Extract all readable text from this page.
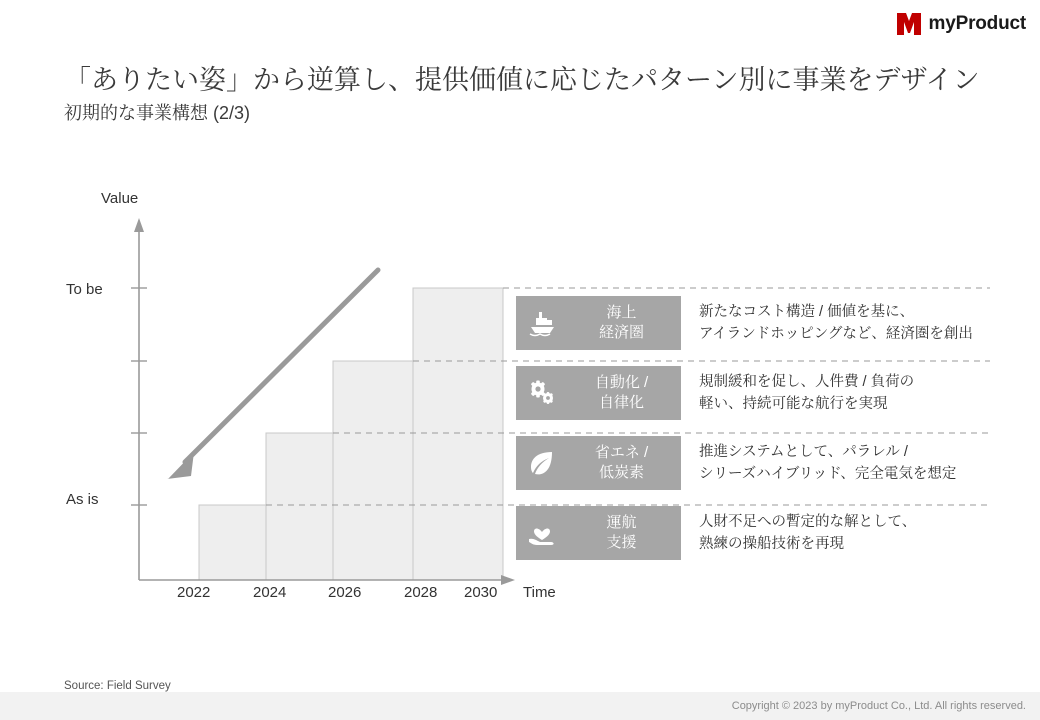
myProduct
「ありたい姿」から逆算し、提供価値に応じたパターン別に事業をデザイン
初期的な事業構想 (2/3)
Value
Time
To be
As is
2022	2024	2026	2028 2030
海上
経済圏
新たなコスト構造 / 価値を基に、
アイランドホッピングなど、経済圏を創出
自動化 /
自律化
規制緩和を促し、人件費 / 負荷の
軽い、持続可能な航行を実現
省エネ /
低炭素
推進システムとして、パラレル /
シリーズハイブリッド、完全電気を想定
運航
支援
人財不足への暫定的な解として、
熟練の操船技術を再現
Source: Field Survey
Copyright © 2023 by myProduct Co., Ltd. All rights reserved.
